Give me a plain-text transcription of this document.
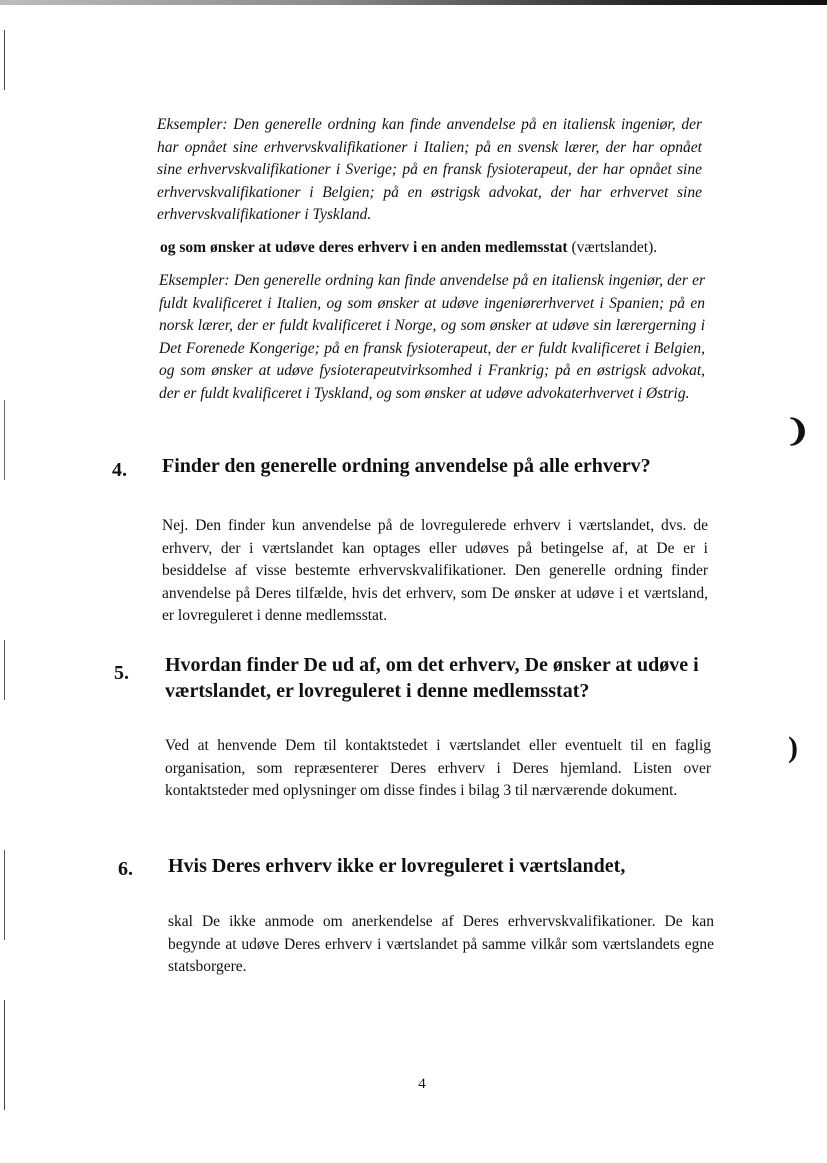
Eksempler: Den generelle ordning kan finde anvendelse på en italiensk ingeniør, der har opnået sine erhvervskvalifikationer i Italien; på en svensk lærer, der har opnået sine erhvervskvalifikationer i Sverige; på en fransk fysioterapeut, der har opnået sine erhvervskvalifikationer i Belgien; på en østrigsk advokat, der har erhvervet sine erhvervskvalifikationer i Tyskland.

og som ønsker at udøve deres erhverv i en anden medlemsstat (værtslandet).

Eksempler: Den generelle ordning kan finde anvendelse på en italiensk ingeniør, der er fuldt kvalificeret i Italien, og som ønsker at udøve ingeniørerhvervet i Spanien; på en norsk lærer, der er fuldt kvalificeret i Norge, og som ønsker at udøve sin lærergerning i Det Forenede Kongerige; på en fransk fysioterapeut, der er fuldt kvalificeret i Belgien, og som ønsker at udøve fysioterapeutvirksomhed i Frankrig; på en østrigsk advokat, der er fuldt kvalificeret i Tyskland, og som ønsker at udøve advokaterhvervet i Østrig.

❩
4. Finder den generelle ordning anvendelse på alle erhverv?

Nej. Den finder kun anvendelse på de lovregulerede erhverv i værtslandet, dvs. de erhverv, der i værtslandet kan optages eller udøves på betingelse af, at De er i besiddelse af visse bestemte erhvervskvalifikationer. Den generelle ordning finder anvendelse på Deres tilfælde, hvis det erhverv, som De ønsker at udøve i et værtsland, er lovreguleret i denne medlemsstat.

5. Hvordan finder De ud af, om det erhverv, De ønsker at udøve i værtslandet, er lovreguleret i denne medlemsstat?
)

Ved at henvende Dem til kontaktstedet i værtslandet eller eventuelt til en faglig organisation, som repræsenterer Deres erhverv i Deres hjemland. Listen over kontaktsteder med oplysninger om disse findes i bilag 3 til nærværende dokument.

6. Hvis Deres erhverv ikke er lovreguleret i værtslandet,

skal De ikke anmode om anerkendelse af Deres erhvervskvalifikationer. De kan begynde at udøve Deres erhverv i værtslandet på samme vilkår som værtslandets egne statsborgere.

4
